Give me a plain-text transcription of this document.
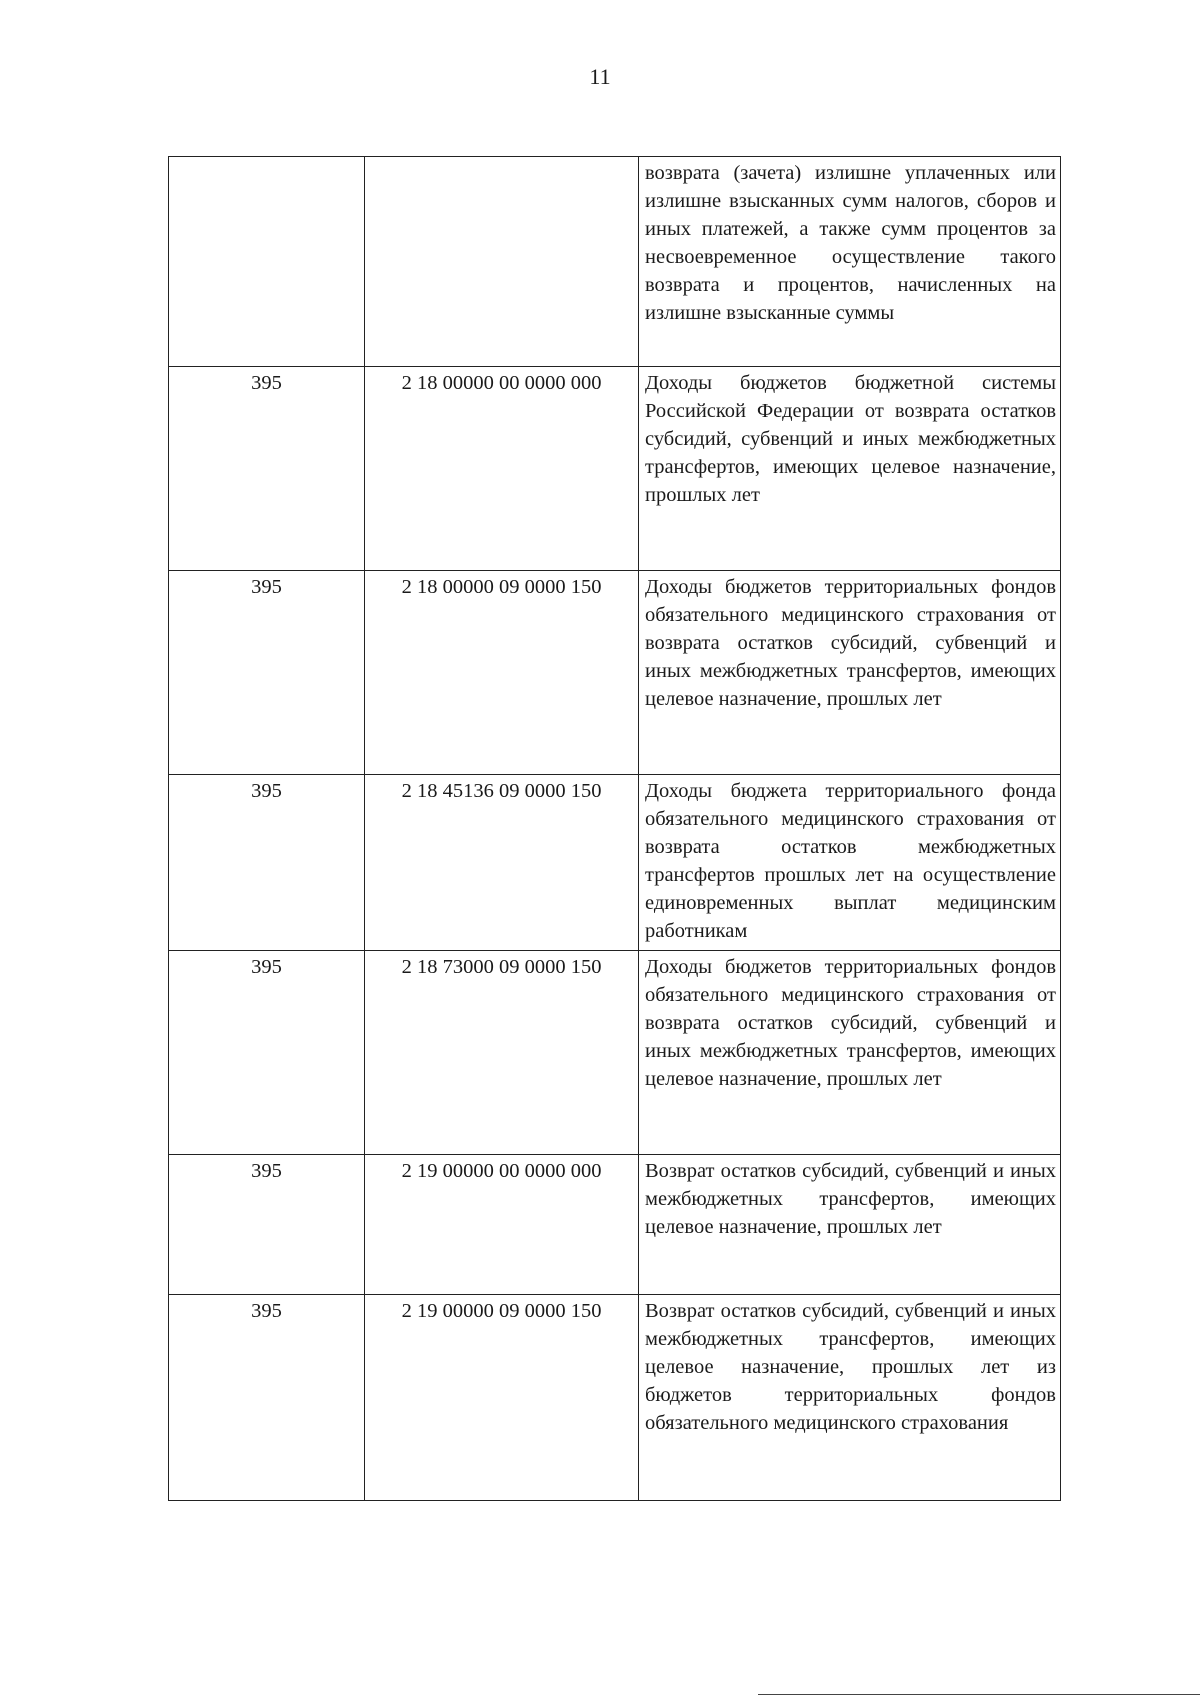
11
		возврата (зачета) излишне уплаченных или излишне взысканных сумм налогов, сборов и иных платежей, а также сумм процентов за несвоевременное осуществление такого возврата и процентов, начисленных на излишне взысканные суммы
395	2 18 00000 00 0000 000	Доходы бюджетов бюджетной системы Российской Федерации от возврата остатков субсидий, субвенций и иных межбюджетных трансфертов, имеющих целевое назначение, прошлых лет
395	2 18 00000 09 0000 150	Доходы бюджетов территориальных фондов обязательного медицинского страхования от возврата остатков субсидий, субвенций и иных межбюджетных трансфертов, имеющих целевое назначение, прошлых лет
395	2 18 45136 09 0000 150	Доходы бюджета территориального фонда обязательного медицинского страхования от возврата остатков межбюджетных трансфертов прошлых лет на осуществление единовременных выплат медицинским работникам
395	2 18 73000 09 0000 150	Доходы бюджетов территориальных фондов обязательного медицинского страхования от возврата остатков субсидий, субвенций и иных межбюджетных трансфертов, имеющих целевое назначение, прошлых лет
395	2 19 00000 00 0000 000	Возврат остатков субсидий, субвенций и иных межбюджетных трансфертов, имеющих целевое назначение, прошлых лет
395	2 19 00000 09 0000 150	Возврат остатков субсидий, субвенций и иных межбюджетных трансфертов, имеющих целевое назначение, прошлых лет из бюджетов территориальных фондов обязательного медицинского страхования
